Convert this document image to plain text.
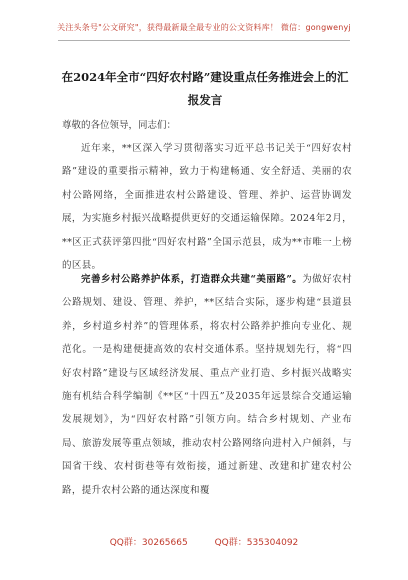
关注头条号"公文研究"，获得最新最全最专业的公文资料库！ 微信：gongwenyj
在2024年全市“四好农村路”建设重点任务推进会上的汇报发言
尊敬的各位领导，同志们：
近年来，**区深入学习贯彻落实习近平总书记关于“四好农村路”建设的重要指示精神，致力于构建畅通、安全舒适、美丽的农村公路网络，全面推进农村公路建设、管理、养护、运营协调发展，为实施乡村振兴战略提供更好的交通运输保障。2024年2月，**区正式获评第四批“四好农村路”全国示范县，成为**市唯一上榜的区县。
完善乡村公路养护体系，打造群众共建“美丽路”。为做好农村公路规划、建设、管理、养护，**区结合实际，逐步构建“县道县养，乡村道乡村养”的管理体系，将农村公路养护推向专业化、规范化。一是构建便捷高效的农村交通体系。坚持规划先行，将“四好农村路”建设与区域经济发展、重点产业打造、乡村振兴战略实施有机结合科学编制《**区“十四五”及2035年远景综合交通运输发展规划》，为“四好农村路”引领方向。结合乡村规划、产业布局、旅游发展等重点领域，推动农村公路网络向进村入户倾斜，与国省干线、农村街巷等有效衔接，通过新建、改建和扩建农村公路，提升农村公路的通达深度和覆
QQ群：30265665	QQ群：535304092
